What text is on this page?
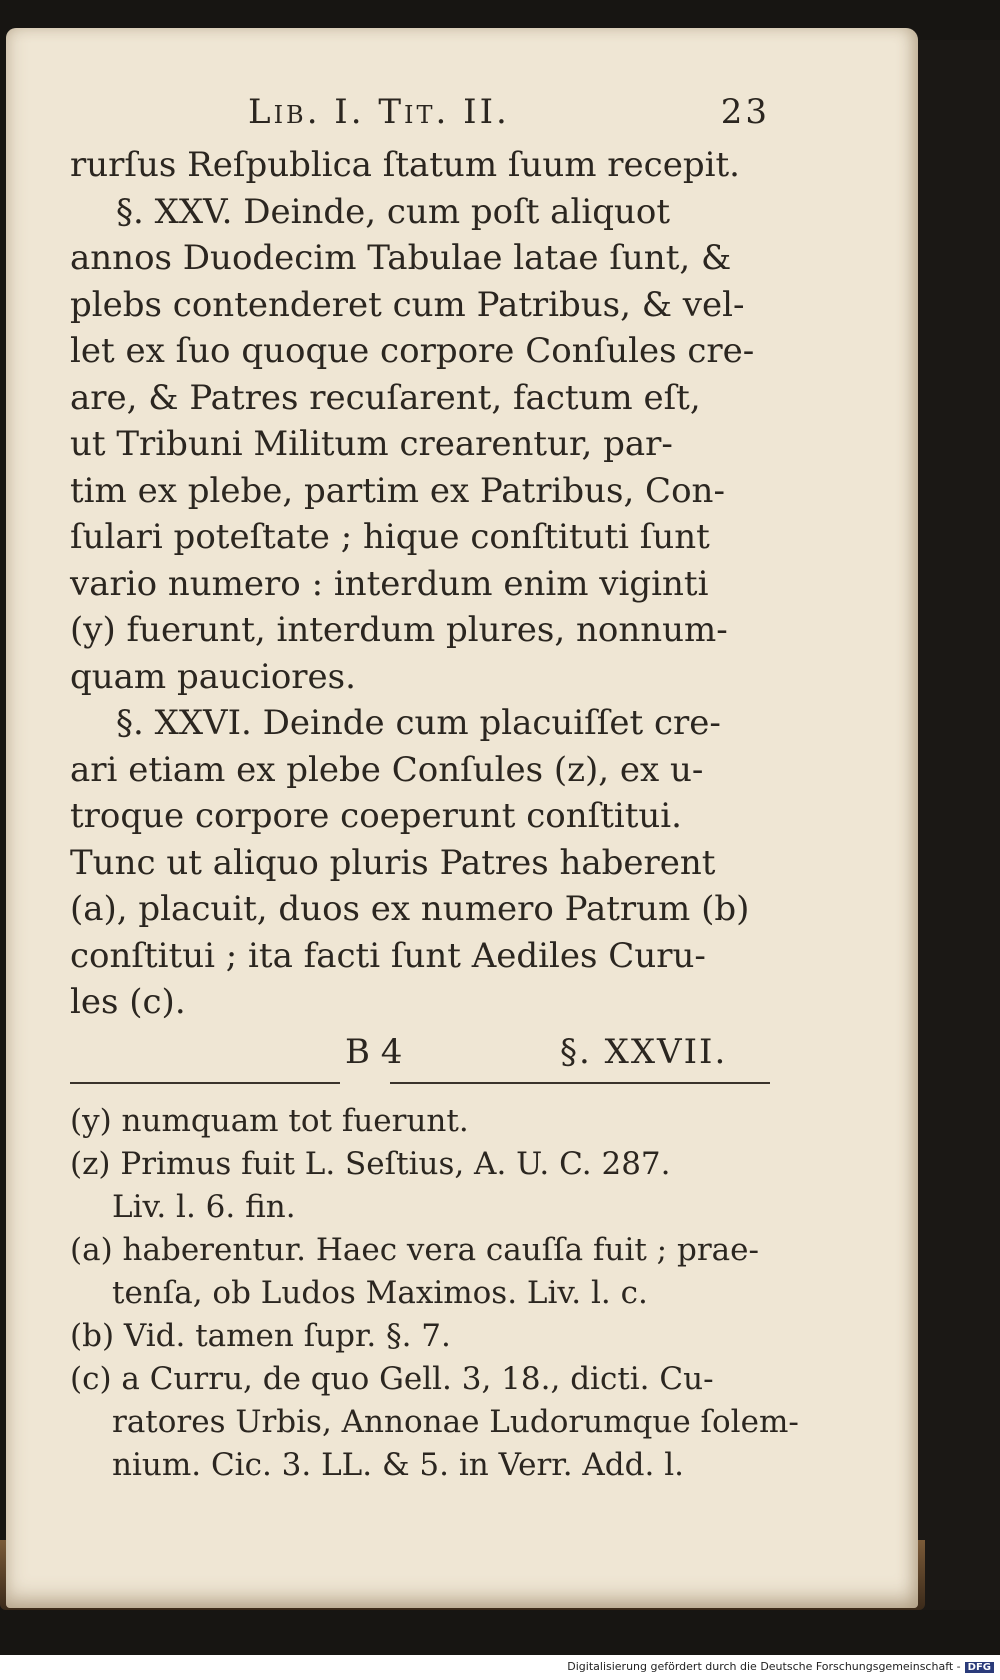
Lib. I. Tit. II.	23
rurſus Reſpublica ſtatum ſuum recepit.
§. XXV. Deinde, cum poſt aliquot
annos Duodecim Tabulae latae ſunt, &
plebs contenderet cum Patribus, & vel-
let ex ſuo quoque corpore Conſules cre-
are, & Patres recuſarent, factum eſt,
ut Tribuni Militum crearentur, par-
tim ex plebe, partim ex Patribus, Con-
ſulari poteſtate ; hique conſtituti ſunt
vario numero : interdum enim viginti
(y) fuerunt, interdum plures, nonnum-
quam pauciores.
§. XXVI. Deinde cum placuiſſet cre-
ari etiam ex plebe Conſules (z), ex u-
troque corpore coeperunt conſtitui.
Tunc ut aliquo pluris Patres haberent
(a), placuit, duos ex numero Patrum (b)
conſtitui ; ita facti ſunt Aediles Curu-
les (c).
B 4	§. XXVII.
(y) numquam tot fuerunt.
(z) Primus fuit L. Seſtius, A. U. C. 287.
Liv. l. 6. fin.
(a) haberentur. Haec vera cauſſa fuit ; prae-
tenſa, ob Ludos Maximos. Liv. l. c.
(b) Vid. tamen ſupr. §. 7.
(c) a Curru, de quo Gell. 3, 18., dicti. Cu-
ratores Urbis, Annonae Ludorumque ſolem-
nium. Cic. 3. LL. & 5. in Verr. Add. l.
Digitalisierung gefördert durch die Deutsche Forschungsgemeinschaft - DFG
